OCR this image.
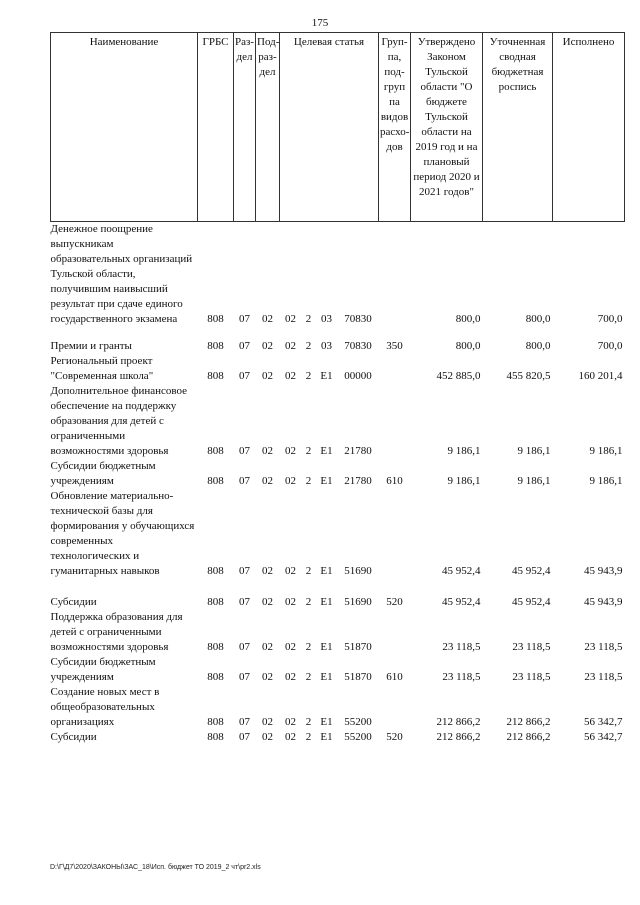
175
Наименование	ГРБС	Раз-дел	Под-раз-дел	Целевая статья				Груп-па, под-груп па видов расхо-дов	Утверждено Законом Тульской области "О бюджете Тульской области на 2019 год и на плановый период 2020 и 2021 годов"	Уточненная сводная бюджетная роспись	Исполнено
Денежное поощрение выпускникам образовательных организаций Тульской области, получившим наивысший результат при сдаче единого государственного экзамена	808	07	02	02	2	03	70830		800,0	800,0	700,0

Премии и гранты	808	07	02	02	2	03	70830	350	800,0	800,0	700,0
Региональный проект "Современная школа"	808	07	02	02	2	E1	00000		452 885,0	455 820,5	160 201,4
Дополнительное финансовое обеспечение на поддержку образования для детей с ограниченными возможностями здоровья	808	07	02	02	2	E1	21780		9 186,1	9 186,1	9 186,1
Субсидии бюджетным учреждениям	808	07	02	02	2	E1	21780	610	9 186,1	9 186,1	9 186,1
Обновление материально-технической базы для формирования у обучающихся современных технологических и гуманитарных навыков	808	07	02	02	2	E1	51690		45 952,4	45 952,4	45 943,9

Субсидии	808	07	02	02	2	E1	51690	520	45 952,4	45 952,4	45 943,9
Поддержка образования для детей с ограниченными возможностями здоровья	808	07	02	02	2	E1	51870		23 118,5	23 118,5	23 118,5
Субсидии бюджетным учреждениям	808	07	02	02	2	E1	51870	610	23 118,5	23 118,5	23 118,5
Создание новых мест в общеобразовательных организациях	808	07	02	02	2	E1	55200		212 866,2	212 866,2	56 342,7
Субсидии	808	07	02	02	2	E1	55200	520	212 866,2	212 866,2	56 342,7
D:\Г\Д7\2020\ЗАКОНЫ\ЗАС_18\Исп. бюджет ТО 2019_2 чт\pr2.xls
